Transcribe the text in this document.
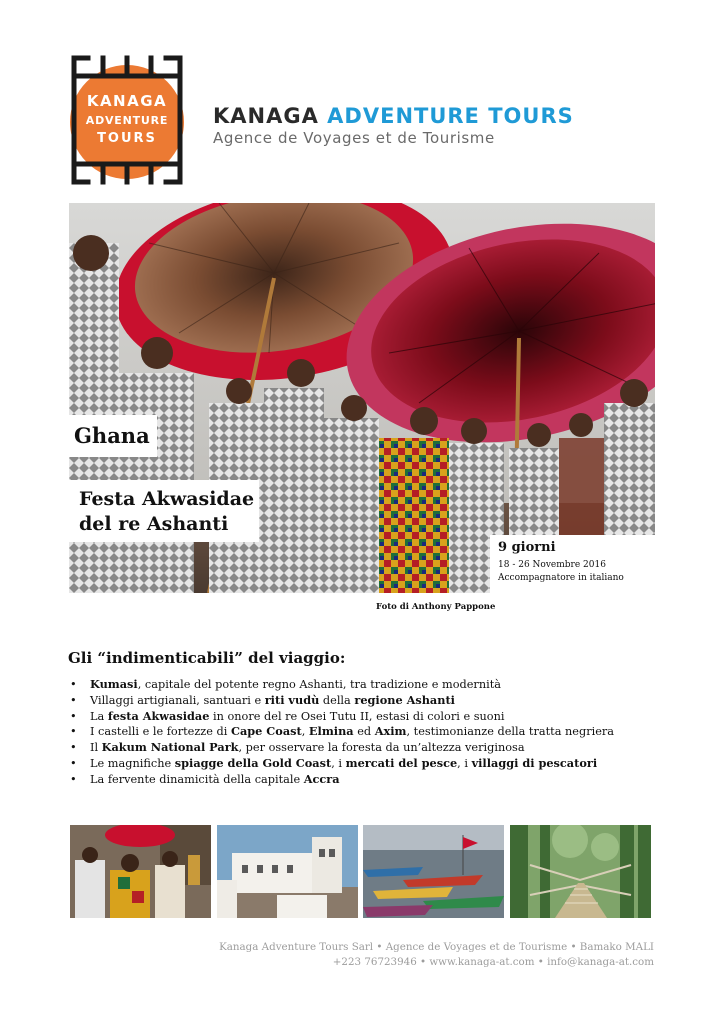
KANAGA
ADVENTURE
TOURS
KANAGA ADVENTURE TOURS
Agence de Voyages et de Tourisme
Ghana
Festa Akwasidae
del re Ashanti
9 giorni
18 - 26 Novembre 2016
Accompagnatore in italiano
Foto di Anthony Pappone
Gli “indimenticabili” del viaggio:
• Kumasi, capitale del potente regno Ashanti, tra tradizione e modernità
• Villaggi artigianali, santuari e riti vudù della regione Ashanti
• La festa Akwasidae in onore del re Osei Tutu II, estasi di colori e suoni
• I castelli e le fortezze di Cape Coast, Elmina ed Axim, testimonianze della tratta negriera
• Il Kakum National Park, per osservare la foresta da un’altezza veriginosa
• Le magnifiche spiagge della Gold Coast, i mercati del pesce, i villaggi di pescatori
• La fervente dinamicità della capitale Accra
Kanaga Adventure Tours Sarl • Agence de Voyages et de Tourisme • Bamako MALI
+223 76723946 • www.kanaga-at.com • info@kanaga-at.com
